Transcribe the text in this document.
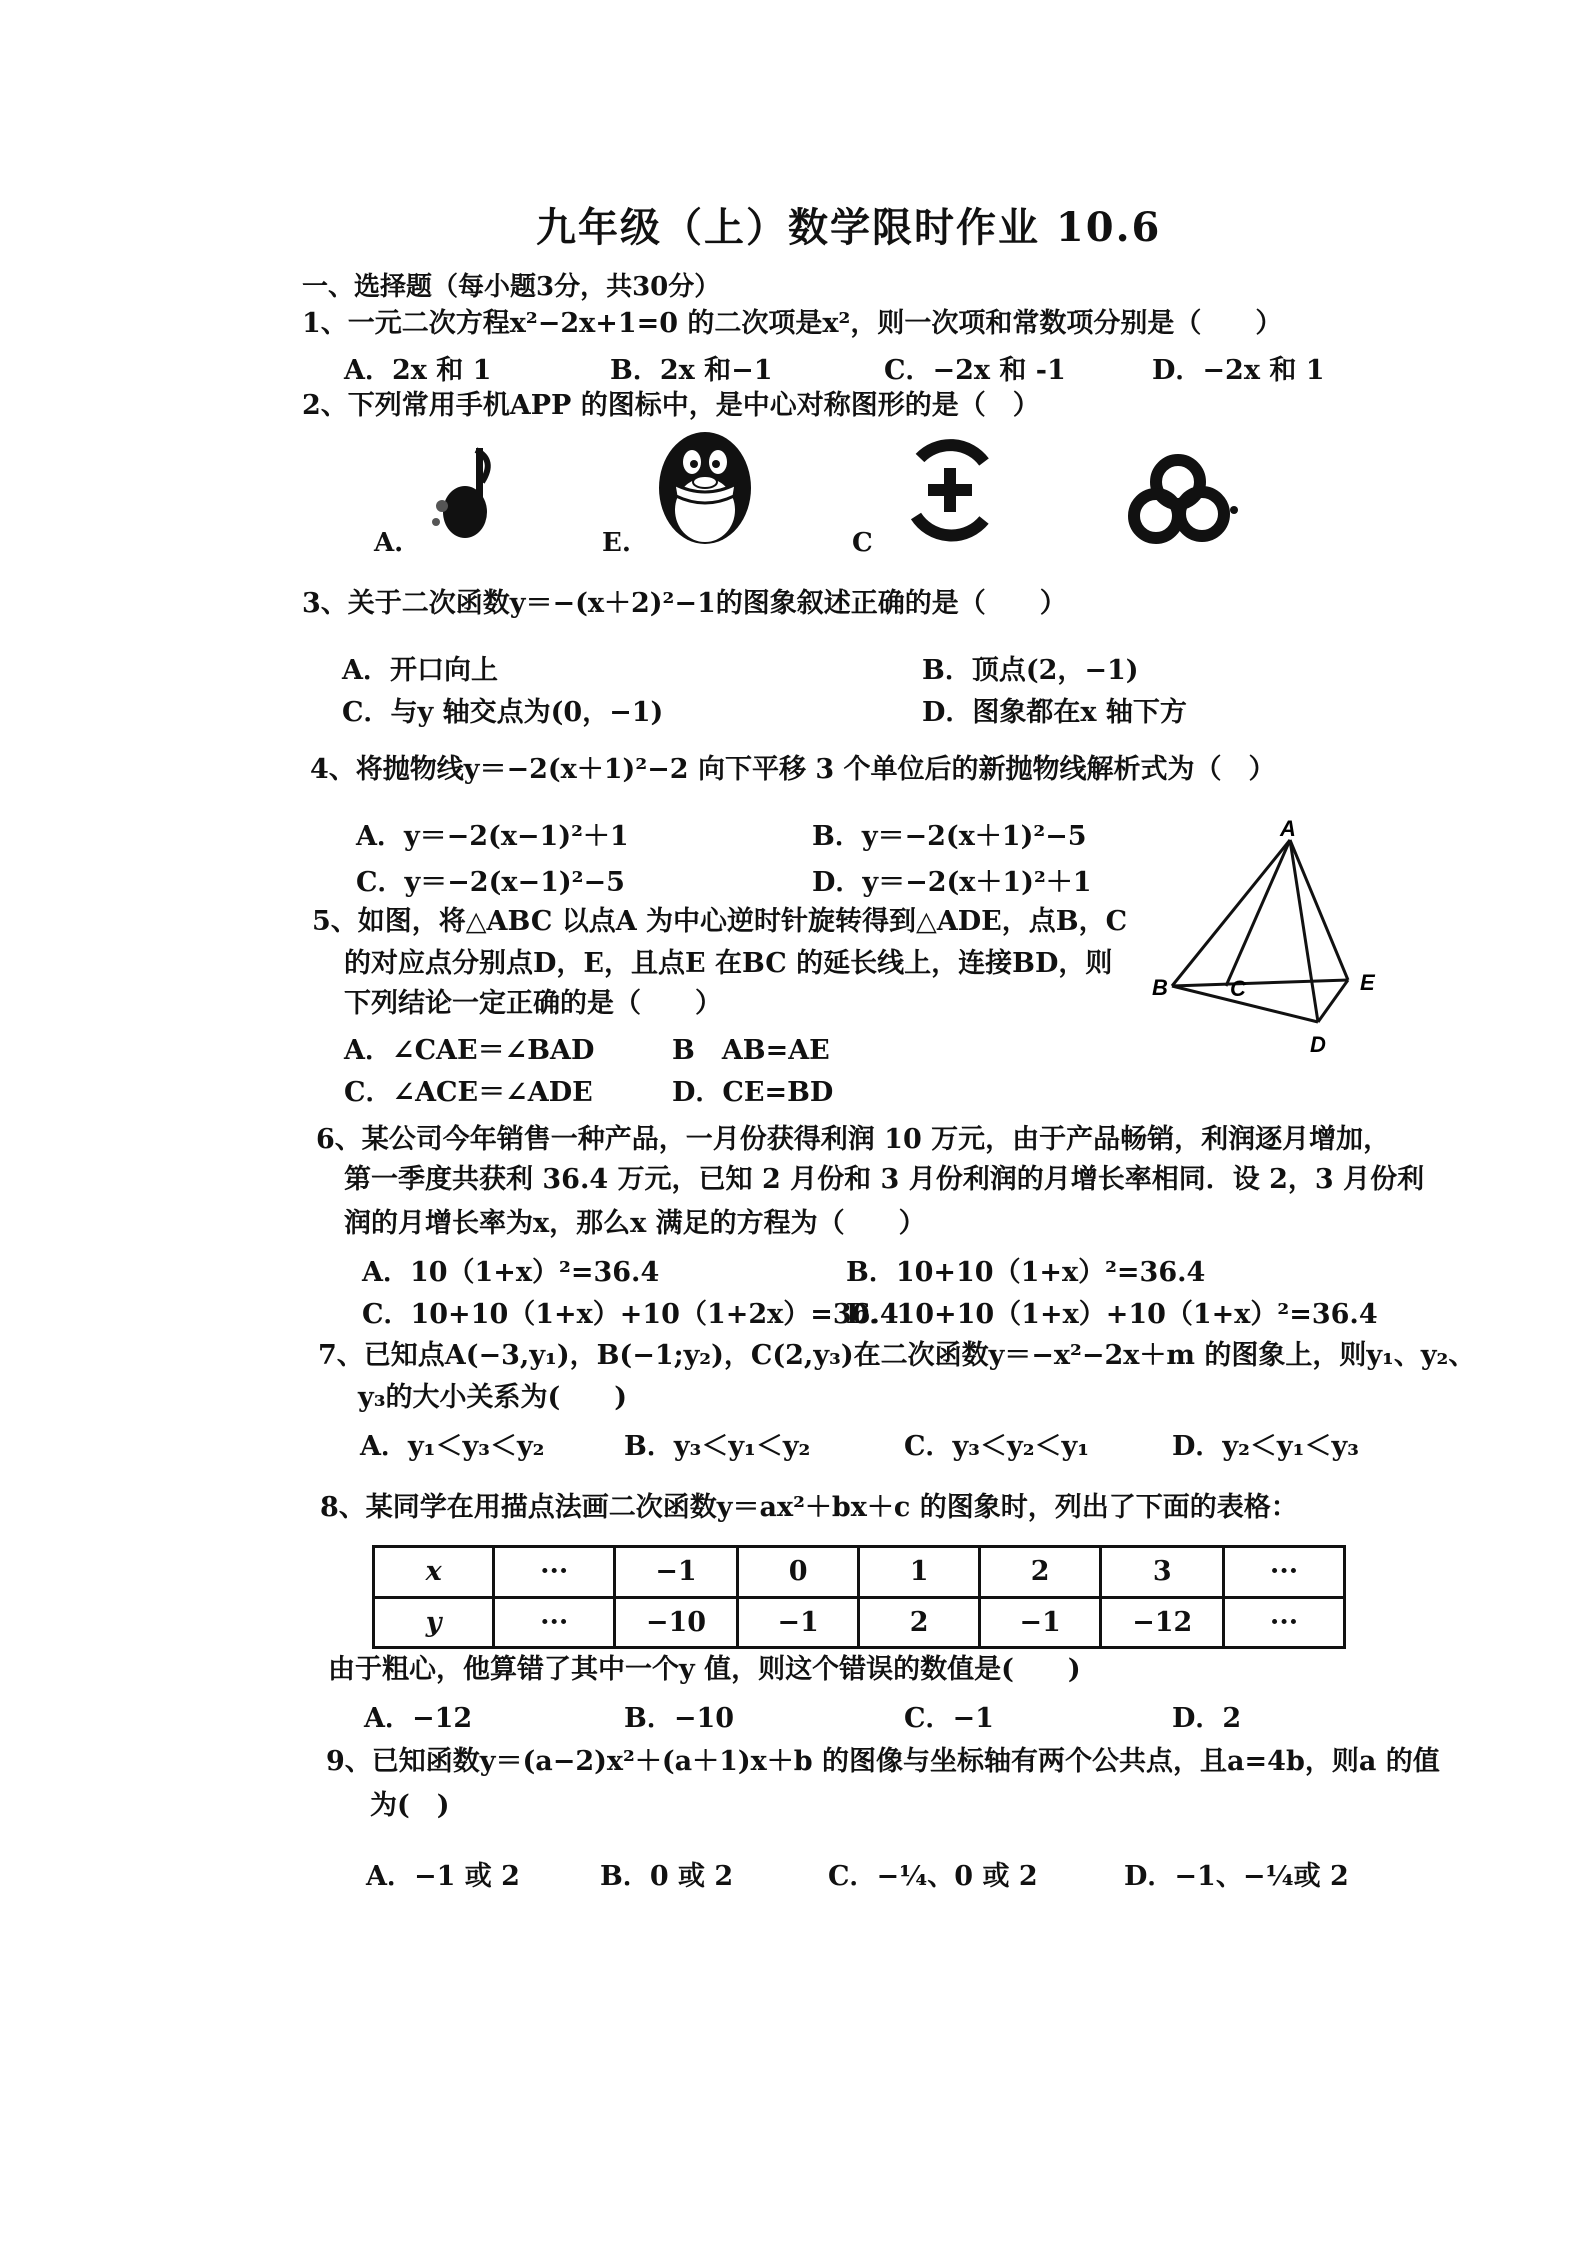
九年级（上）数学限时作业 10.6
一、选择题（每小题3分，共30分）
1、一元二次方程x²−2x+1=0 的二次项是x²，则一次项和常数项分别是（　　）
A．2x 和 1	B．2x 和−1	C．−2x 和 -1	D．−2x 和 1
2、下列常用手机APP 的图标中，是中心对称图形的是（　）
A.	E.	C
3、关于二次函数y＝−(x＋2)²−1的图象叙述正确的是（　　）
A．开口向上	B．顶点(2，−1)
C．与y 轴交点为(0，−1)	D．图象都在x 轴下方
4、将抛物线y＝−2(x＋1)²−2 向下平移 3 个单位后的新抛物线解析式为（　）
A．y＝−2(x−1)²＋1	B．y＝−2(x＋1)²−5
C．y＝−2(x−1)²−5	D．y＝−2(x＋1)²＋1
5、如图，将△ABC 以点A 为中心逆时针旋转得到△ADE，点B，C
的对应点分别点D，E，且点E 在BC 的延长线上，连接BD，则
下列结论一定正确的是（　　）
A．∠CAE＝∠BAD	B　AB=AE
C．∠ACE＝∠ADE	D．CE=BD
A
B	C
D
E
6、某公司今年销售一种产品，一月份获得利润 10 万元，由于产品畅销，利润逐月增加，
第一季度共获利 36.4 万元，已知 2 月份和 3 月份利润的月增长率相同．设 2，3 月份利
润的月增长率为x，那么x 满足的方程为（　　）
A．10（1+x）²=36.4	B．10+10（1+x）²=36.4
C．10+10（1+x）+10（1+2x）=36.4
D．10+10（1+x）+10（1+x）²=36.4
7、已知点A(−3,y₁)，B(−1;y₂)，C(2,y₃)在二次函数y＝−x²−2x＋m 的图象上，则y₁、y₂、
y₃的大小关系为(　　)
A．y₁＜y₃＜y₂	B．y₃＜y₁＜y₂	C．y₃＜y₂＜y₁	D．y₂＜y₁＜y₃
8、某同学在用描点法画二次函数y＝ax²＋bx＋c 的图象时，列出了下面的表格：
x	···	−1	0	1	2	3	···
y	···	−10	−1	2	−1	−12	···
由于粗心，他算错了其中一个y 值，则这个错误的数值是(　　)
A．−12	B．−10	C．−1	D．2
9、已知函数y＝(a−2)x²＋(a＋1)x＋b 的图像与坐标轴有两个公共点，且a=4b，则a 的值
为(　)
A．−1 或 2	B．0 或 2	C．−¼、0 或 2	D．−1、−¼或 2
